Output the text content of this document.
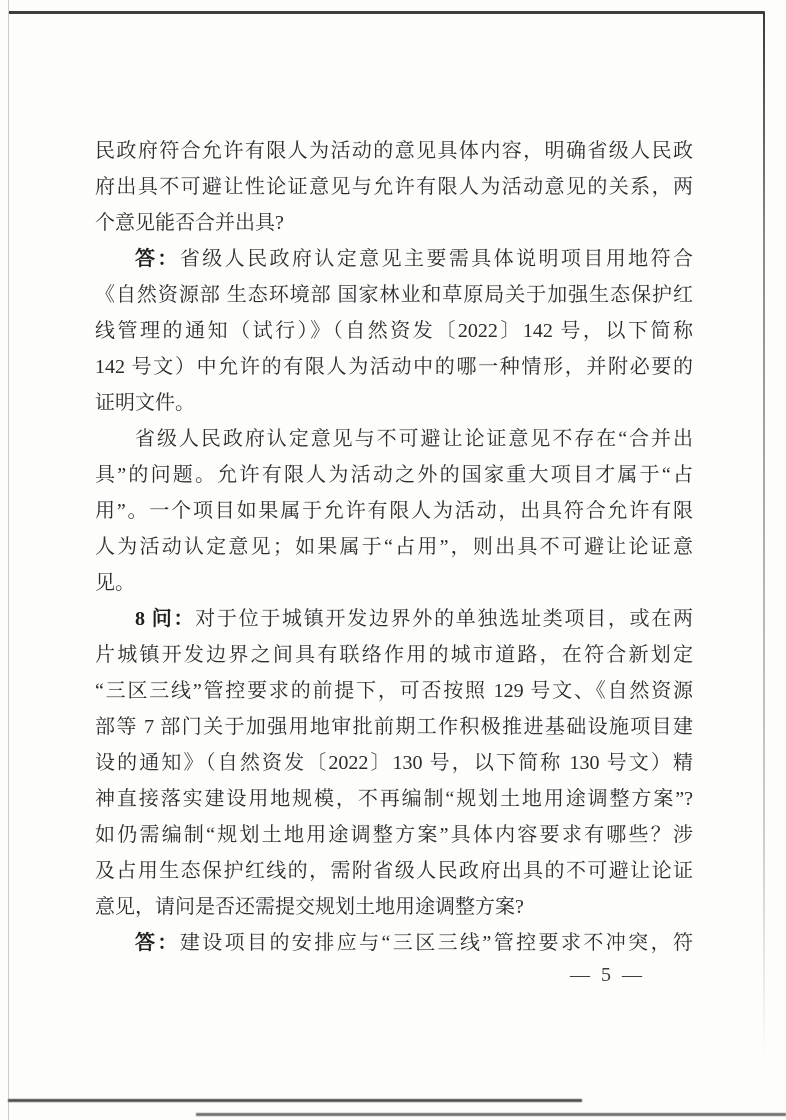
民政府符合允许有限人为活动的意见具体内容，明确省级人民政
府出具不可避让性论证意见与允许有限人为活动意见的关系，两
个意见能否合并出具?
答：省级人民政府认定意见主要需具体说明项目用地符合
《自然资源部 生态环境部 国家林业和草原局关于加强生态保护红
线管理的通知（试行）》（自然资发〔2022〕142 号，以下简称
142 号文）中允许的有限人为活动中的哪一种情形，并附必要的
证明文件。
省级人民政府认定意见与不可避让论证意见不存在“合并出
具”的问题。允许有限人为活动之外的国家重大项目才属于“占
用”。一个项目如果属于允许有限人为活动，出具符合允许有限
人为活动认定意见；如果属于“占用”，则出具不可避让论证意
见。
8 问：对于位于城镇开发边界外的单独选址类项目，或在两
片城镇开发边界之间具有联络作用的城市道路，在符合新划定
“三区三线”管控要求的前提下，可否按照 129 号文、《自然资源
部等 7 部门关于加强用地审批前期工作积极推进基础设施项目建
设的通知》（自然资发〔2022〕130 号，以下简称 130 号文）精
神直接落实建设用地规模，不再编制“规划土地用途调整方案”?
如仍需编制“规划土地用途调整方案”具体内容要求有哪些？涉
及占用生态保护红线的，需附省级人民政府出具的不可避让论证
意见，请问是否还需提交规划土地用途调整方案?
答：建设项目的安排应与“三区三线”管控要求不冲突，符
— 5 —
